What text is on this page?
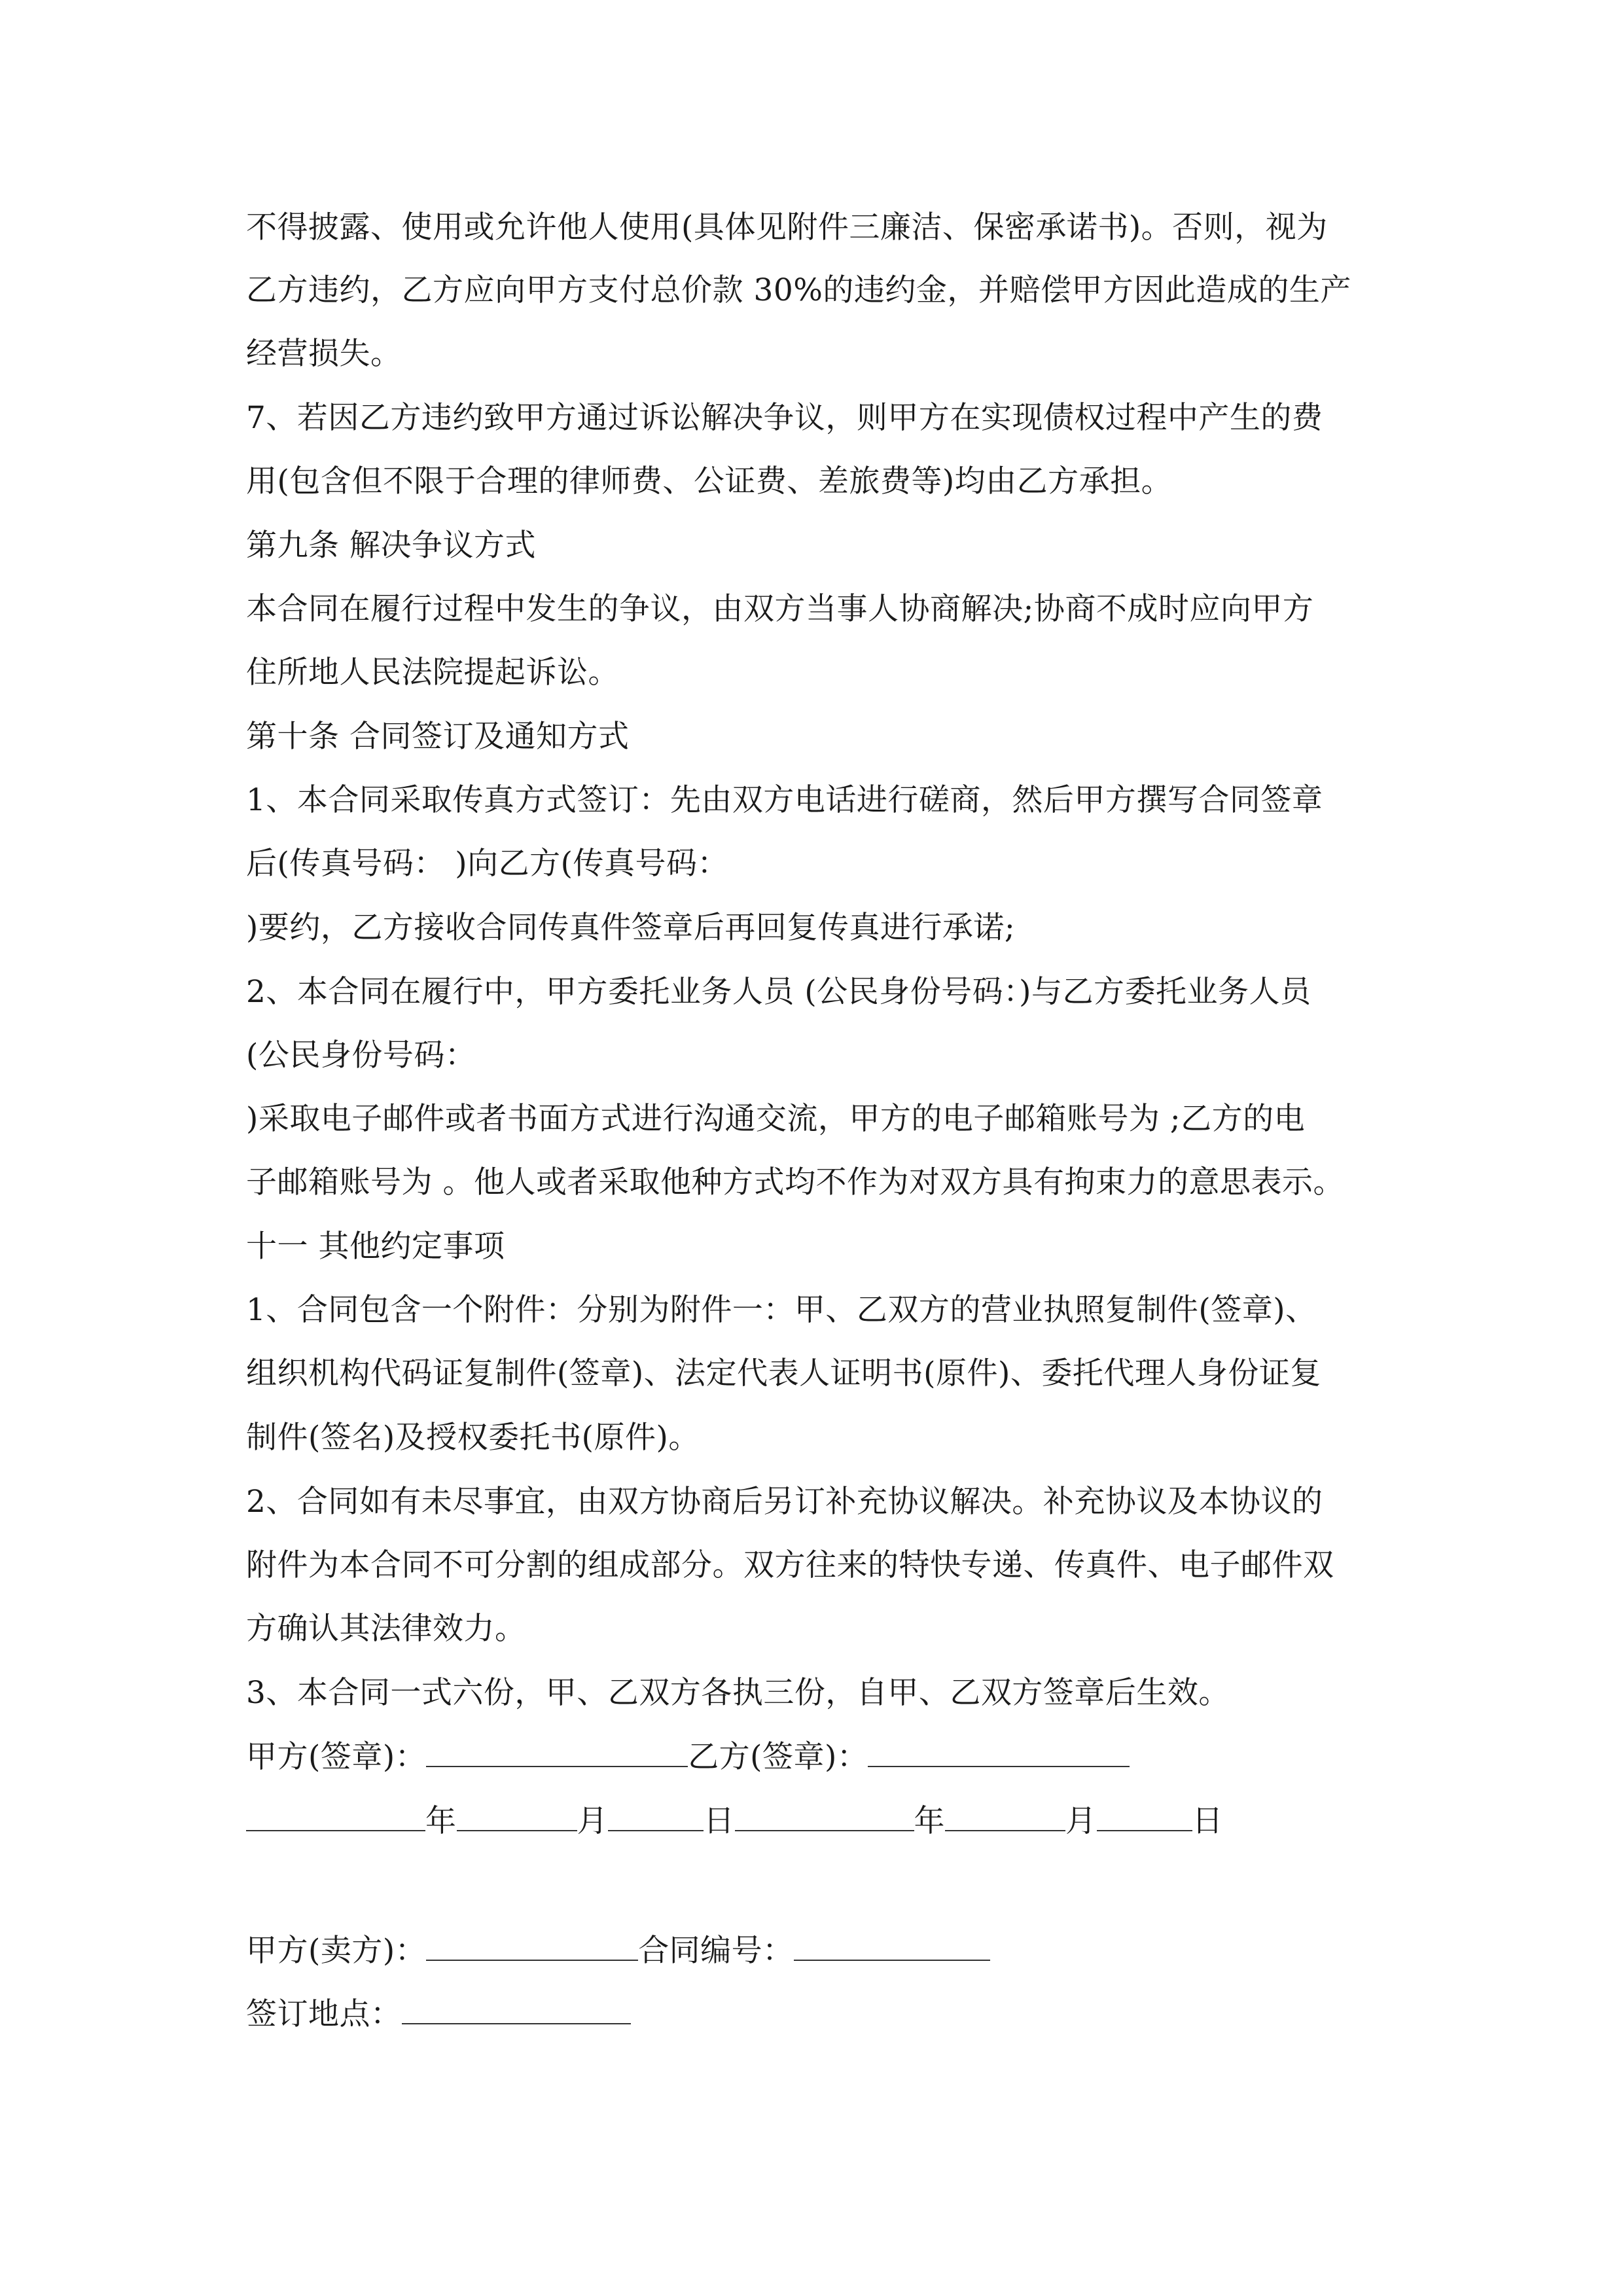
不得披露、使用或允许他人使用(具体见附件三廉洁、保密承诺书)。否则，视为
乙方违约，乙方应向甲方支付总价款 30%的违约金，并赔偿甲方因此造成的生产
经营损失。
7、若因乙方违约致甲方通过诉讼解决争议，则甲方在实现债权过程中产生的费
用(包含但不限于合理的律师费、公证费、差旅费等)均由乙方承担。
第九条 解决争议方式
本合同在履行过程中发生的争议，由双方当事人协商解决;协商不成时应向甲方
住所地人民法院提起诉讼。
第十条 合同签订及通知方式
1、本合同采取传真方式签订：先由双方电话进行磋商，然后甲方撰写合同签章
后(传真号码： )向乙方(传真号码：
)要约，乙方接收合同传真件签章后再回复传真进行承诺;
2、本合同在履行中，甲方委托业务人员 (公民身份号码：)与乙方委托业务人员
(公民身份号码：
)采取电子邮件或者书面方式进行沟通交流，甲方的电子邮箱账号为 ;乙方的电
子邮箱账号为 。他人或者采取他种方式均不作为对双方具有拘束力的意思表示。
十一 其他约定事项
1、合同包含一个附件：分别为附件一：甲、乙双方的营业执照复制件(签章)、
组织机构代码证复制件(签章)、法定代表人证明书(原件)、委托代理人身份证复
制件(签名)及授权委托书(原件)。
2、合同如有未尽事宜，由双方协商后另订补充协议解决。补充协议及本协议的
附件为本合同不可分割的组成部分。双方往来的特快专递、传真件、电子邮件双
方确认其法律效力。
3、本合同一式六份，甲、乙双方各执三份，自甲、乙双方签章后生效。
甲方(签章)：	乙方(签章)：
年	月	日	年	月	日
甲方(卖方)：	合同编号：
签订地点：
